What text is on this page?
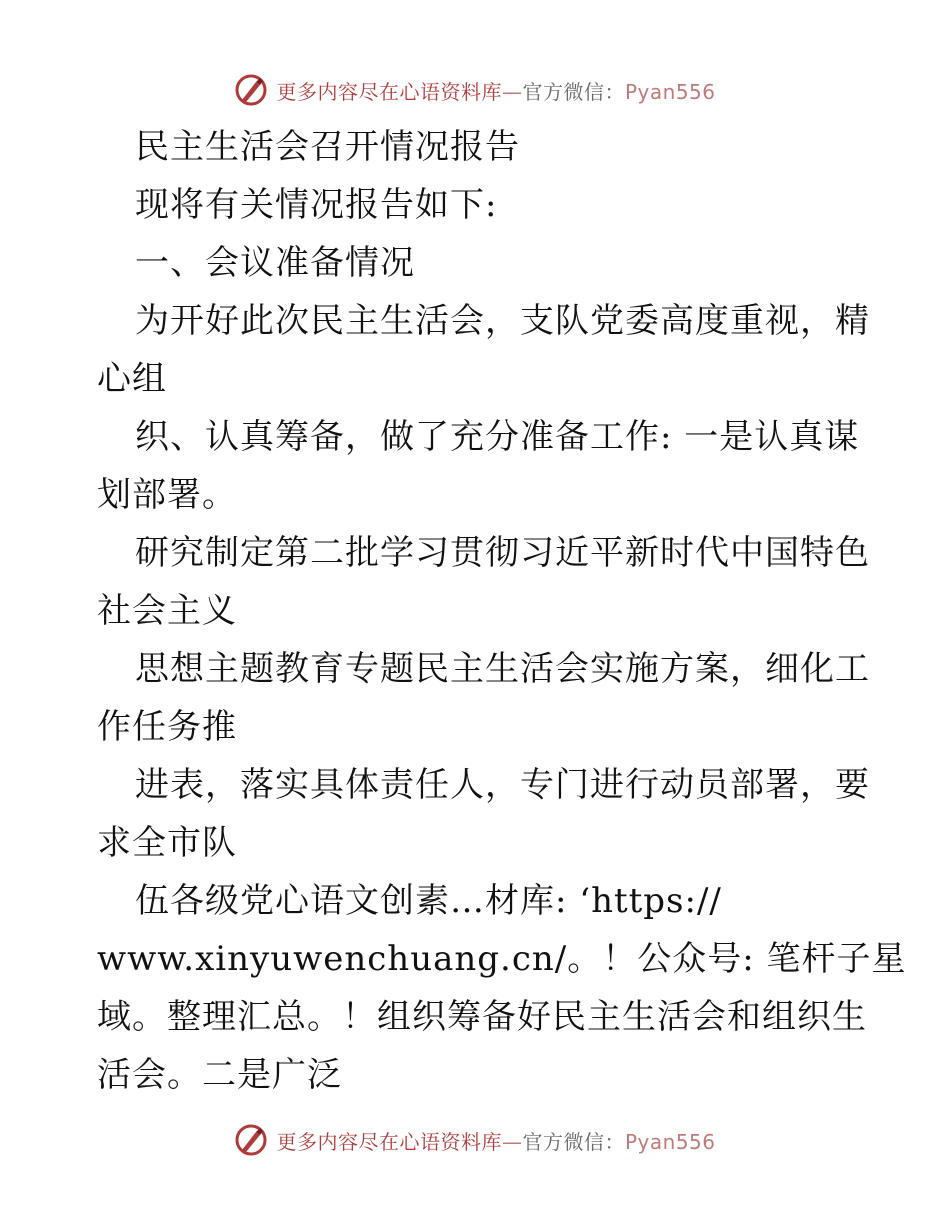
更多内容尽在心语资料库—官方微信：Pyan556
民主生活会召开情况报告
现将有关情况报告如下:
一、会议准备情况
为开好此次民主生活会，支队党委高度重视，精
心组
织、认真筹备，做了充分准备工作: 一是认真谋
划部署。
研究制定第二批学习贯彻习近平新时代中国特色
社会主义
思想主题教育专题民主生活会实施方案，细化工
作任务推
进表，落实具体责任人，专门进行动员部署，要
求全市队
伍各级党心语文创素…材库: ‘https://
www.xinyuwenchuang.cn/。！公众号: 笔杆子星
域。整理汇总。！组织筹备好民主生活会和组织生
活会。二是广泛
更多内容尽在心语资料库—官方微信：Pyan556
